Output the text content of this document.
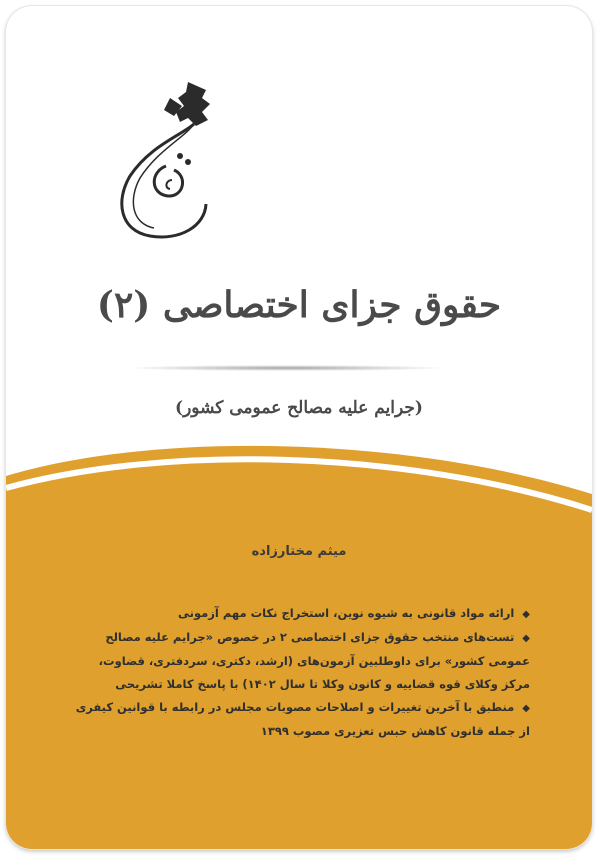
حقوق جزای اختصاصی (۲)
(جرایم علیه مصالح عمومی کشور)
میثم مختارزاده
◆ ارائه مواد قانونی به شیوه نوین، استخراج نکات مهم آزمونی
◆ تست‌های منتخب حقوق جزای اختصاصی ۲ در خصوص «جرایم علیه مصالح عمومی کشور» برای داوطلبین آزمون‌های (ارشد، دکتری، سردفتری، قضاوت، مرکز وکلای قوه قضاییه و کانون وکلا تا سال ۱۴۰۲) با پاسخ کاملا تشریحی
◆ منطبق با آخرین تغییرات و اصلاحات مصوبات مجلس در رابطه با قوانین کیفری از جمله قانون کاهش حبس تعزیری مصوب ۱۳۹۹
